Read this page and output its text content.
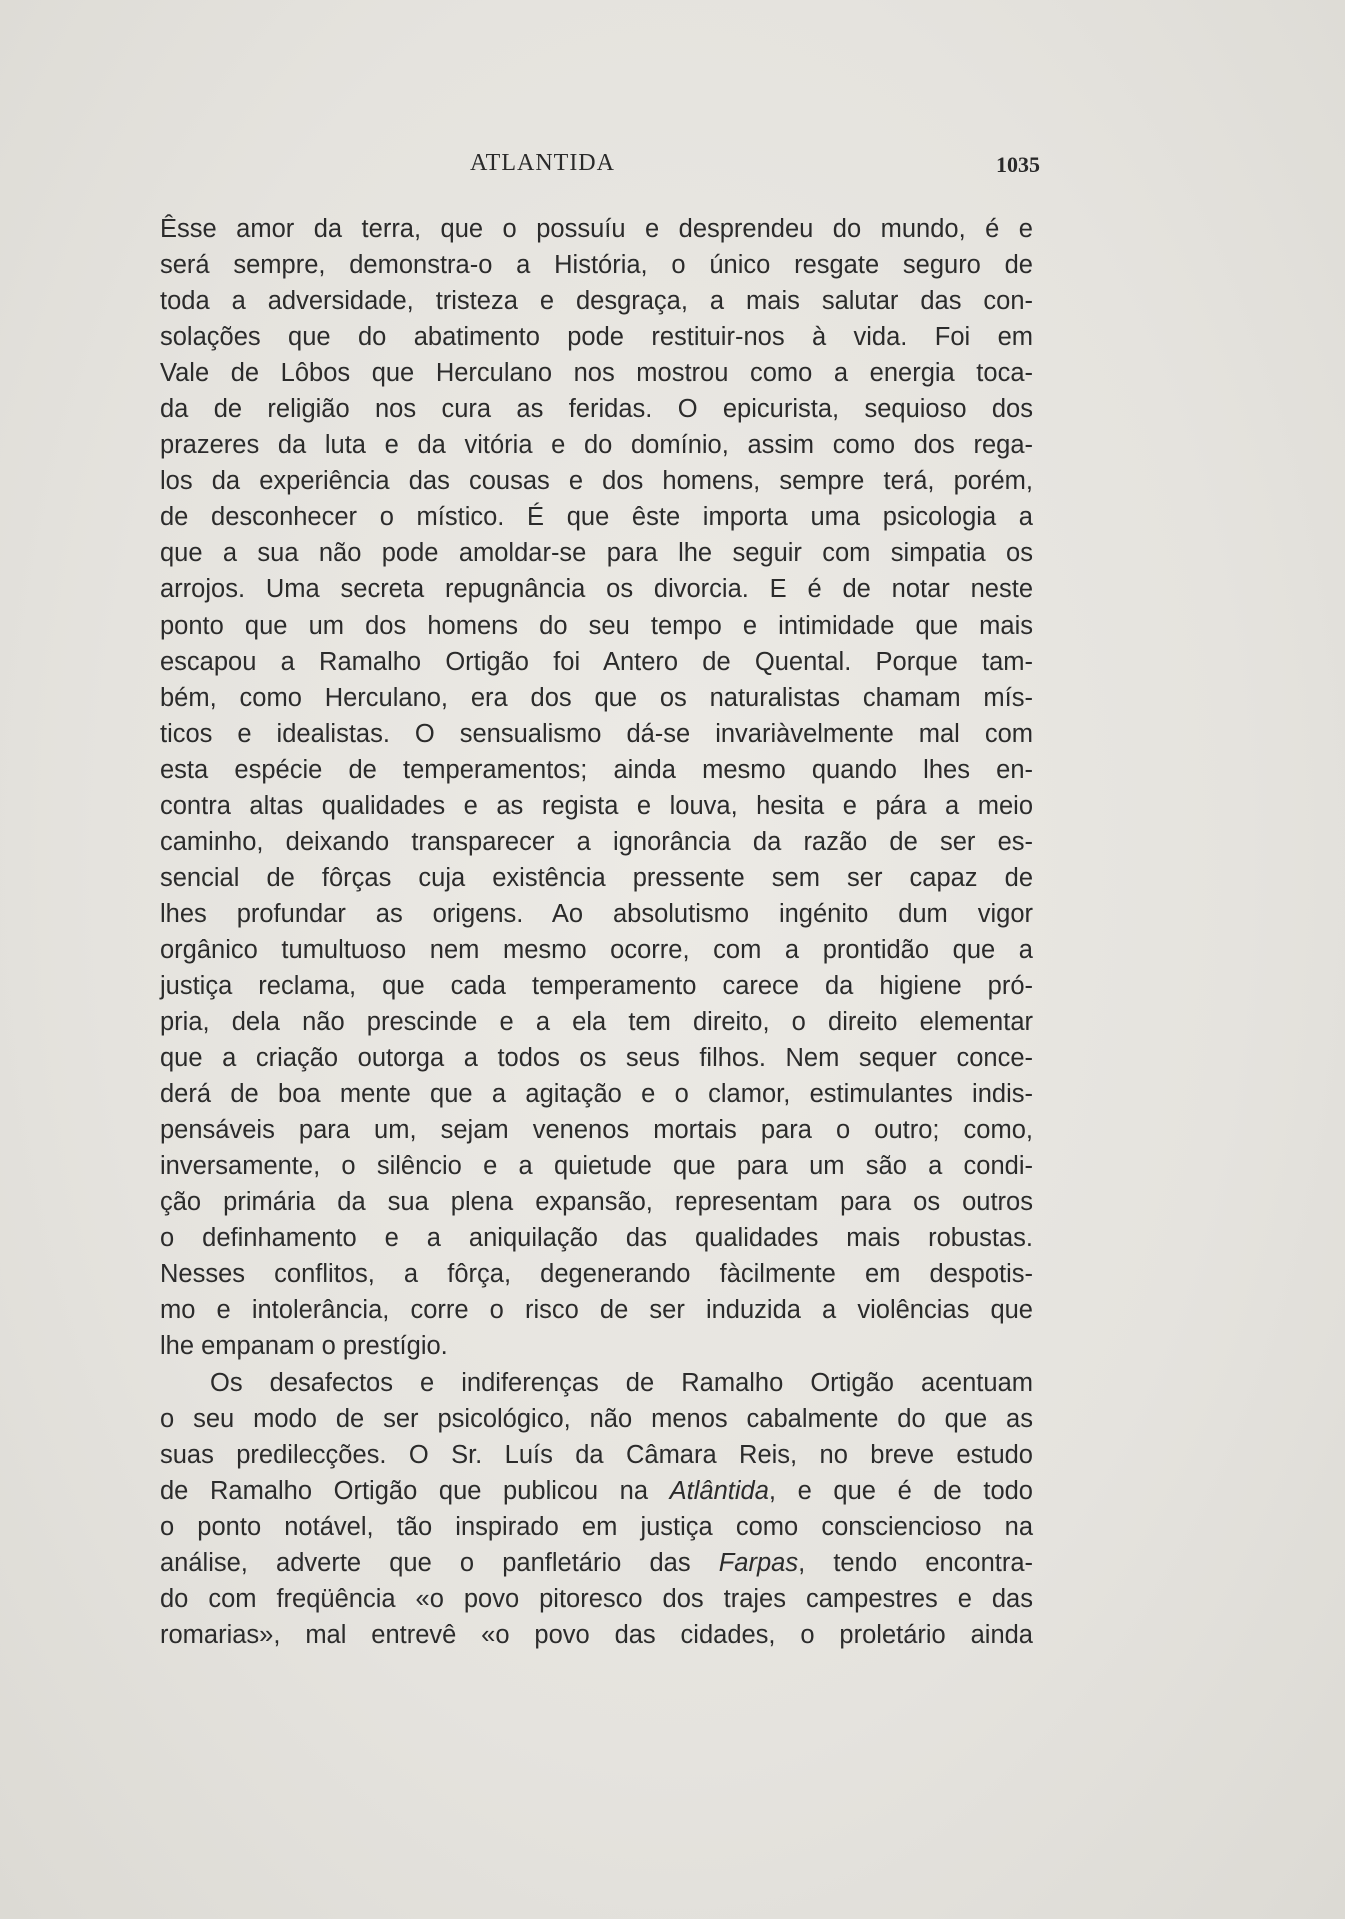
ATLANTIDA	1035
Êsse amor da terra, que o possuíu e desprendeu do mundo, é e
será sempre, demonstra-o a História, o único resgate seguro de
toda a adversidade, tristeza e desgraça, a mais salutar das con-
solações que do abatimento pode restituir-nos à vida. Foi em
Vale de Lôbos que Herculano nos mostrou como a energia toca-
da de religião nos cura as feridas. O epicurista, sequioso dos
prazeres da luta e da vitória e do domínio, assim como dos rega-
los da experiência das cousas e dos homens, sempre terá, porém,
de desconhecer o místico. É que êste importa uma psicologia a
que a sua não pode amoldar-se para lhe seguir com simpatia os
arrojos. Uma secreta repugnância os divorcia. E é de notar neste
ponto que um dos homens do seu tempo e intimidade que mais
escapou a Ramalho Ortigão foi Antero de Quental. Porque tam-
bém, como Herculano, era dos que os naturalistas chamam mís-
ticos e idealistas. O sensualismo dá-se invariàvelmente mal com
esta espécie de temperamentos; ainda mesmo quando lhes en-
contra altas qualidades e as regista e louva, hesita e pára a meio
caminho, deixando transparecer a ignorância da razão de ser es-
sencial de fôrças cuja existência pressente sem ser capaz de
lhes profundar as origens. Ao absolutismo ingénito dum vigor
orgânico tumultuoso nem mesmo ocorre, com a prontidão que a
justiça reclama, que cada temperamento carece da higiene pró-
pria, dela não prescinde e a ela tem direito, o direito elementar
que a criação outorga a todos os seus filhos. Nem sequer conce-
derá de boa mente que a agitação e o clamor, estimulantes indis-
pensáveis para um, sejam venenos mortais para o outro; como,
inversamente, o silêncio e a quietude que para um são a condi-
ção primária da sua plena expansão, representam para os outros
o definhamento e a aniquilação das qualidades mais robustas.
Nesses conflitos, a fôrça, degenerando fàcilmente em despotis-
mo e intolerância, corre o risco de ser induzida a violências que
lhe empanam o prestígio.
Os desafectos e indiferenças de Ramalho Ortigão acentuam
o seu modo de ser psicológico, não menos cabalmente do que as
suas predilecções. O Sr. Luís da Câmara Reis, no breve estudo
de Ramalho Ortigão que publicou na Atlântida, e que é de todo
o ponto notável, tão inspirado em justiça como consciencioso na
análise, adverte que o panfletário das Farpas, tendo encontra-
do com freqüência «o povo pitoresco dos trajes campestres e das
romarias», mal entrevê «o povo das cidades, o proletário ainda
